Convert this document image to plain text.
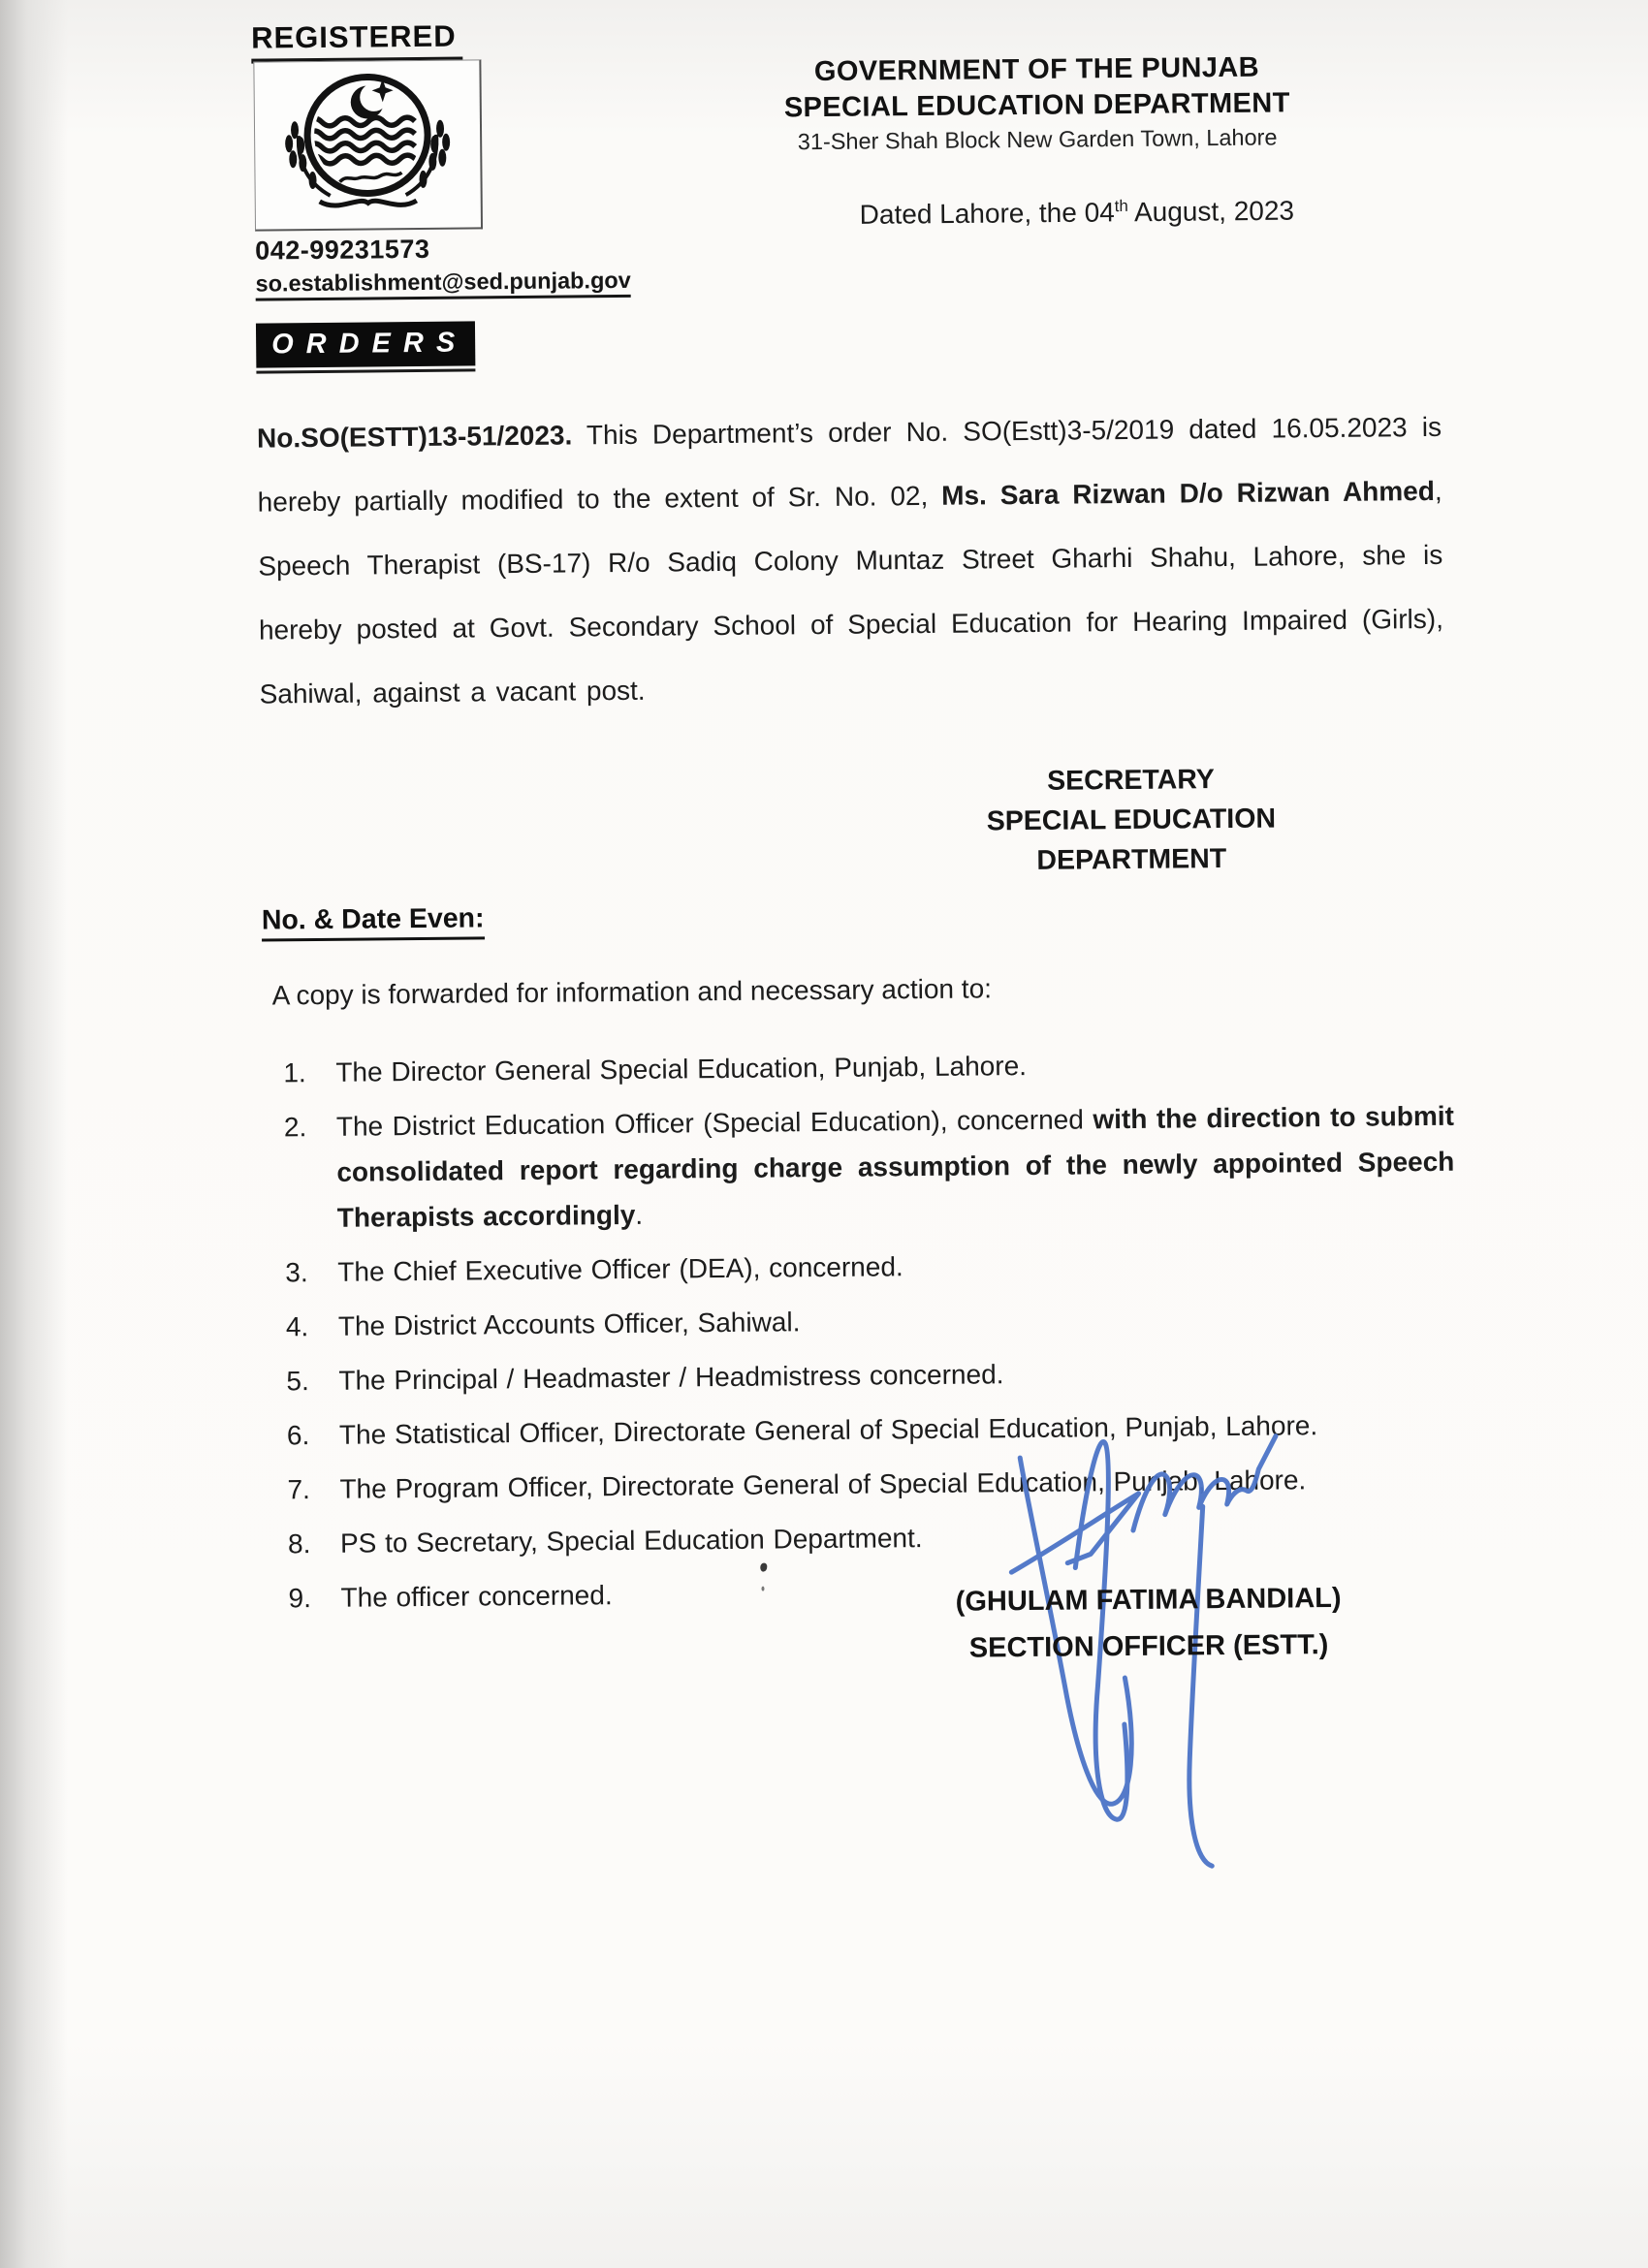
REGISTERED
042-99231573
so.establishment@sed.punjab.gov
GOVERNMENT OF THE PUNJAB
SPECIAL EDUCATION DEPARTMENT
31-Sher Shah Block New Garden Town, Lahore
Dated Lahore, the 04th August, 2023
ORDERS
No.SO(ESTT)13-51/2023. This Department’s order No. SO(Estt)3-5/2019 dated 16.05.2023 is hereby partially modified to the extent of Sr. No. 02, Ms. Sara Rizwan D/o Rizwan Ahmed, Speech Therapist (BS-17) R/o Sadiq Colony Muntaz Street Gharhi Shahu, Lahore, she is hereby posted at Govt. Secondary School of Special Education for Hearing Impaired (Girls), Sahiwal, against a vacant post.
SECRETARY
SPECIAL EDUCATION
DEPARTMENT
No. & Date Even:
A copy is forwarded for information and necessary action to:
1.	The Director General Special Education, Punjab, Lahore.
2.	The District Education Officer (Special Education), concerned with the direction to submit consolidated report regarding charge assumption of the newly appointed Speech Therapists accordingly.
3.	The Chief Executive Officer (DEA), concerned.
4.	The District Accounts Officer, Sahiwal.
5.	The Principal / Headmaster / Headmistress concerned.
6.	The Statistical Officer, Directorate General of Special Education, Punjab, Lahore.
7.	The Program Officer, Directorate General of Special Education, Punjab, Lahore.
8.	PS to Secretary, Special Education Department.
9.	The officer concerned.	(GHULAM FATIMA BANDIAL)
SECTION OFFICER (ESTT.)
